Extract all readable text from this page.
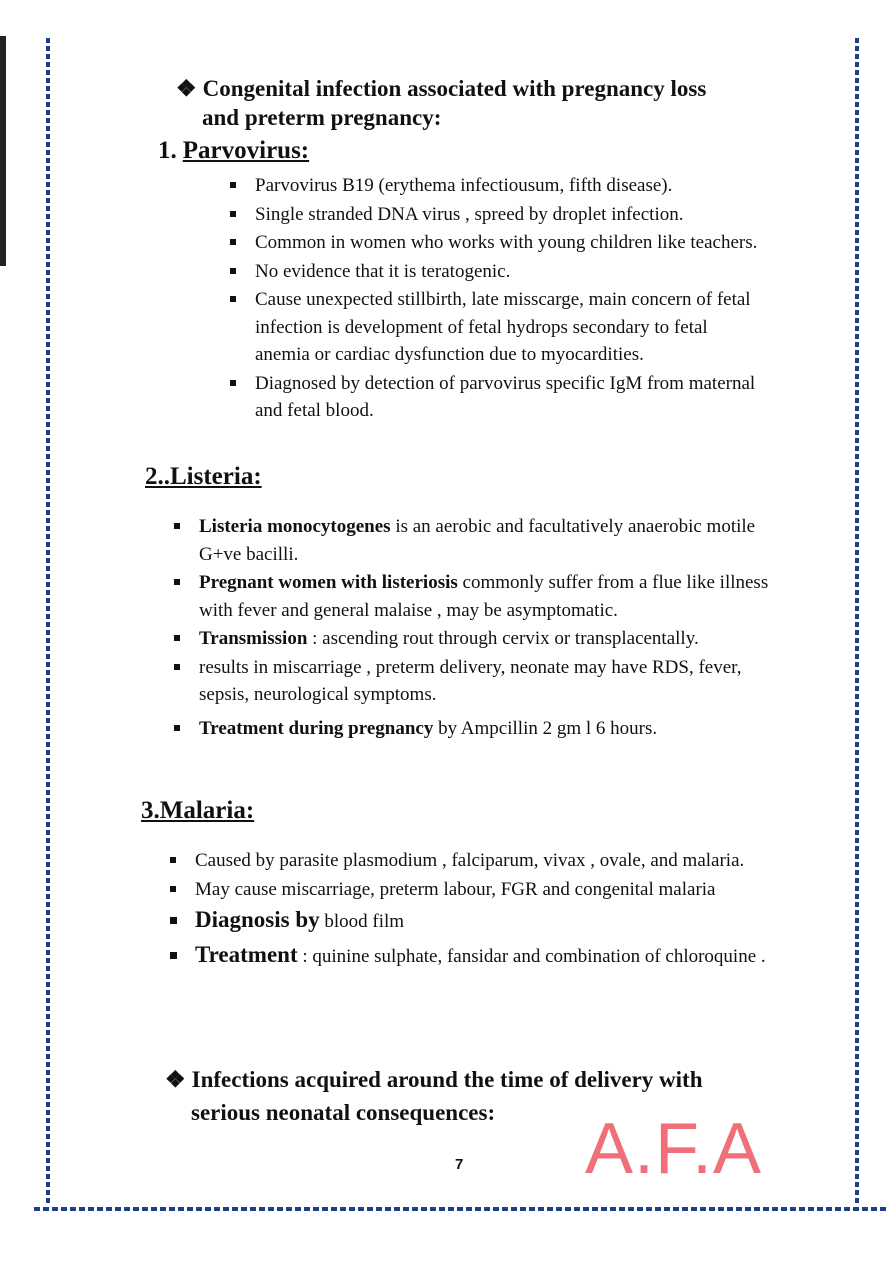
❖ Congenital infection associated with pregnancy loss
and preterm pregnancy:
1. Parvovirus:
Parvovirus B19 (erythema infectiousum, fifth disease).
Single stranded DNA virus , spreed by droplet infection.
Common in women who works with young children like teachers.
No evidence that it is teratogenic.
Cause unexpected stillbirth, late misscarge, main concern of fetal infection is development of fetal hydrops secondary to fetal anemia or cardiac dysfunction due to myocardities.
Diagnosed by detection of parvovirus specific IgM from maternal and fetal blood.
2..Listeria:
Listeria monocytogenes is an aerobic and facultatively anaerobic motile G+ve bacilli.
Pregnant women with listeriosis commonly suffer from a flue like illness with fever and general malaise , may be asymptomatic.
Transmission : ascending rout through cervix or transplacentally.
results in miscarriage , preterm delivery, neonate may have RDS, fever, sepsis, neurological symptoms.
Treatment during pregnancy by Ampcillin 2 gm l 6 hours.
3.Malaria:
Caused by parasite plasmodium , falciparum, vivax , ovale, and malaria.
May cause miscarriage, preterm labour, FGR and congenital malaria
Diagnosis by blood film
Treatment : quinine sulphate, fansidar and combination of chloroquine .
❖ Infections acquired around the time of delivery with
serious neonatal consequences:
7 A.F.A
